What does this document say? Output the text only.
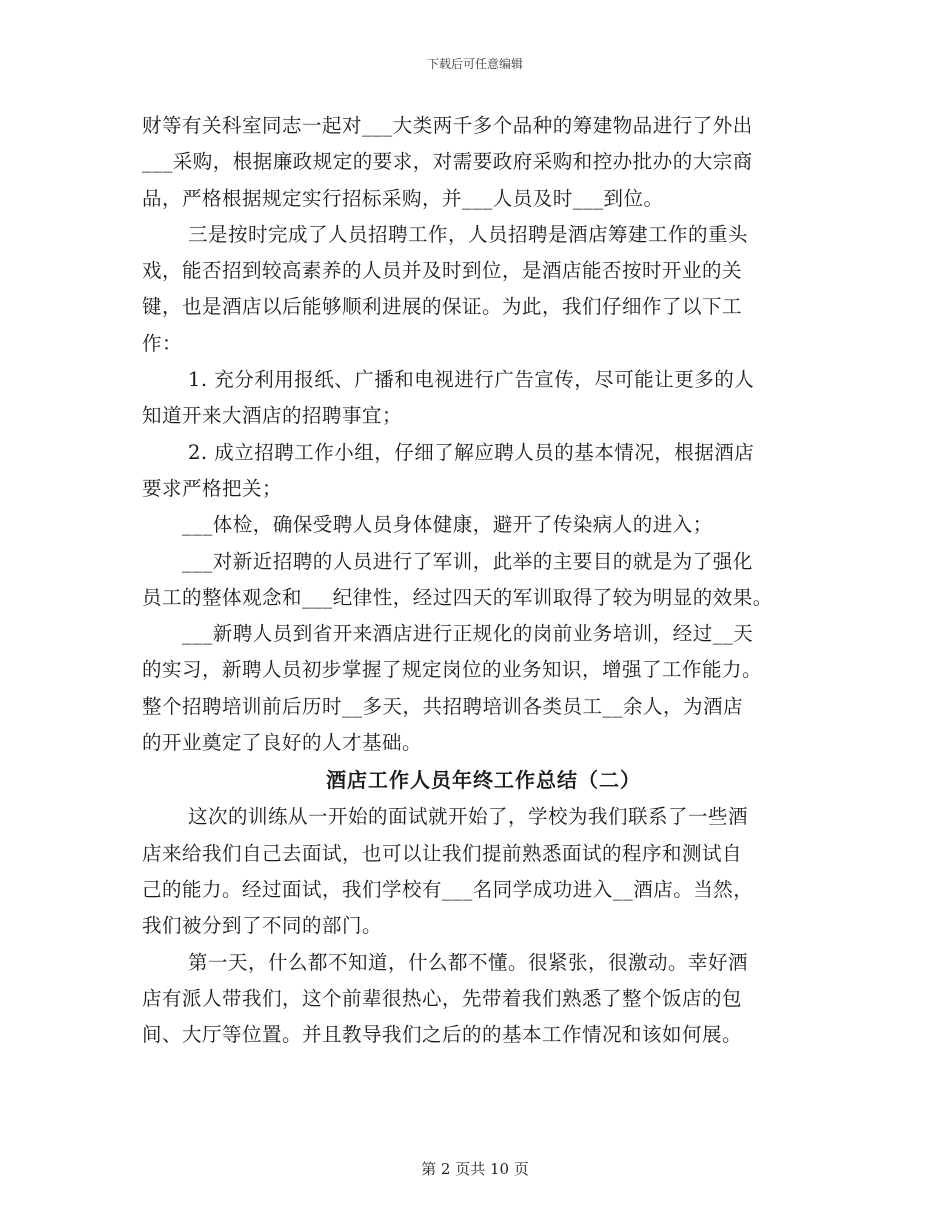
下载后可任意编辑
财等有关科室同志一起对___大类两千多个品种的筹建物品进行了外出
___采购，根据廉政规定的要求，对需要政府采购和控办批办的大宗商
品，严格根据规定实行招标采购，并___人员及时___到位。
三是按时完成了人员招聘工作，人员招聘是酒店筹建工作的重头
戏，能否招到较高素养的人员并及时到位，是酒店能否按时开业的关
键，也是酒店以后能够顺利进展的保证。为此，我们仔细作了以下工
作：
1. 充分利用报纸、广播和电视进行广告宣传，尽可能让更多的人
知道开来大酒店的招聘事宜；
2. 成立招聘工作小组，仔细了解应聘人员的基本情况，根据酒店
要求严格把关；
___体检，确保受聘人员身体健康，避开了传染病人的进入；
___对新近招聘的人员进行了军训，此举的主要目的就是为了强化
员工的整体观念和___纪律性，经过四天的军训取得了较为明显的效果。
___新聘人员到省开来酒店进行正规化的岗前业务培训，经过__天
的实习，新聘人员初步掌握了规定岗位的业务知识，增强了工作能力。
整个招聘培训前后历时__多天，共招聘培训各类员工__余人，为酒店
的开业奠定了良好的人才基础。
酒店工作人员年终工作总结（二）
这次的训练从一开始的面试就开始了，学校为我们联系了一些酒
店来给我们自己去面试，也可以让我们提前熟悉面试的程序和测试自
己的能力。经过面试，我们学校有___名同学成功进入__酒店。当然，
我们被分到了不同的部门。
第一天，什么都不知道，什么都不懂。很紧张，很激动。幸好酒
店有派人带我们，这个前辈很热心，先带着我们熟悉了整个饭店的包
间、大厅等位置。并且教导我们之后的的基本工作情况和该如何展。
第 2 页共 10 页
